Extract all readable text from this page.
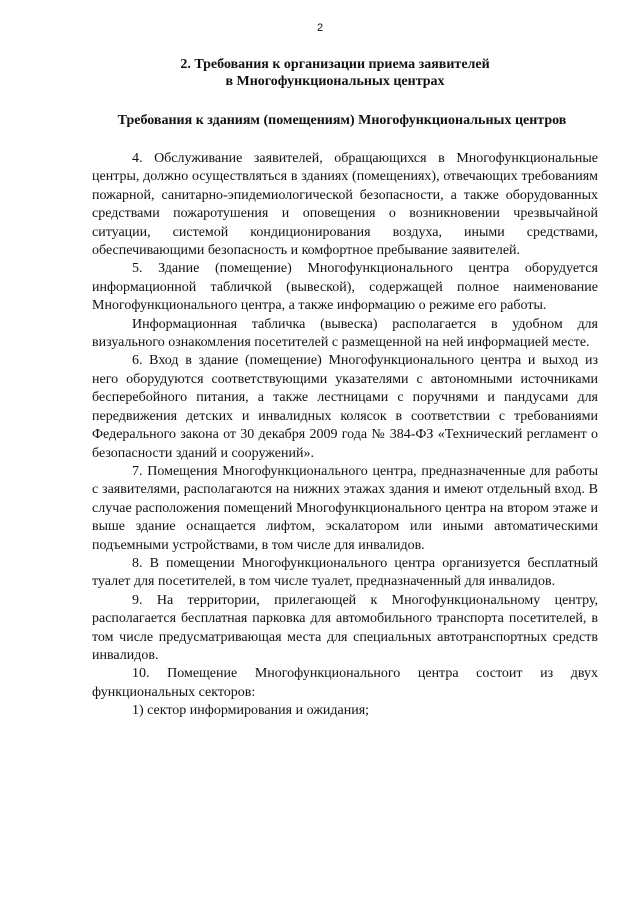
2
2. Требования к организации приема заявителей
в Многофункциональных центрах
Требования к зданиям (помещениям) Многофункциональных центров

4. Обслуживание заявителей, обращающихся в Многофункциональные центры, должно осуществляться в зданиях (помещениях), отвечающих требованиям пожарной, санитарно-эпидемиологической безопасности, а также оборудованных средствами пожаротушения и оповещения о возникновении чрезвычайной ситуации, системой кондиционирования воздуха, иными средствами, обеспечивающими безопасность и комфортное пребывание заявителей.

5. Здание (помещение) Многофункционального центра оборудуется информационной табличкой (вывеской), содержащей полное наименование Многофункционального центра, а также информацию о режиме его работы.

Информационная табличка (вывеска) располагается в удобном для визуального ознакомления посетителей с размещенной на ней информацией месте.

6. Вход в здание (помещение) Многофункционального центра и выход из него оборудуются соответствующими указателями с автономными источниками бесперебойного питания, а также лестницами с поручнями и пандусами для передвижения детских и инвалидных колясок в соответствии с требованиями Федерального закона от 30 декабря 2009 года № 384-ФЗ «Технический регламент о безопасности зданий и сооружений».

7. Помещения Многофункционального центра, предназначенные для работы с заявителями, располагаются на нижних этажах здания и имеют отдельный вход. В случае расположения помещений Многофункционального центра на втором этаже и выше здание оснащается лифтом, эскалатором или иными автоматическими подъемными устройствами, в том числе для инвалидов.

8. В помещении Многофункционального центра организуется бесплатный туалет для посетителей, в том числе туалет, предназначенный для инвалидов.

9. На территории, прилегающей к Многофункциональному центру, располагается бесплатная парковка для автомобильного транспорта посетителей, в том числе предусматривающая места для специальных автотранспортных средств инвалидов.

10. Помещение Многофункционального центра состоит из двух функциональных секторов:

1) сектор информирования и ожидания;
